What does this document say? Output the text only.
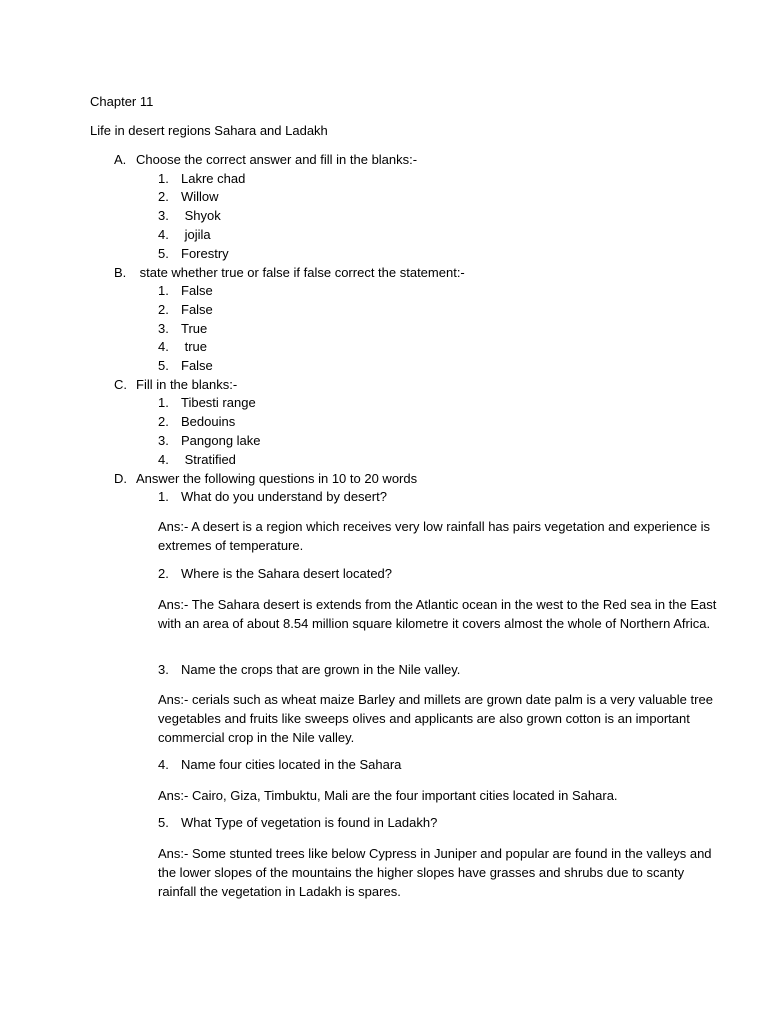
Chapter 11
Life in desert regions Sahara and Ladakh
A. Choose the correct answer and fill in the blanks:-
1. Lakre chad
2. Willow
3. Shyok
4. jojila
5. Forestry
B. state whether true or false if false correct the statement:-
1. False
2. False
3. True
4. true
5. False
C. Fill in the blanks:-
1. Tibesti range
2. Bedouins
3. Pangong lake
4. Stratified
D. Answer the following questions in 10 to 20 words
1. What do you understand by desert?
Ans:- A desert is a region which receives very low rainfall has pairs vegetation and experience is extremes of temperature.
2. Where is the Sahara desert located?
Ans:- The Sahara desert is extends from the Atlantic ocean in the west to the Red sea in the East with an area of about 8.54 million square kilometre it covers almost the whole of Northern Africa.
3. Name the crops that are grown in the Nile valley.
Ans:- cerials such as wheat maize Barley and millets are grown date palm is a very valuable tree vegetables and fruits like sweeps olives and applicants are also grown cotton is an important commercial crop in the Nile valley.
4. Name four cities located in the Sahara
Ans:- Cairo, Giza, Timbuktu, Mali are the four important cities located in Sahara.
5. What Type of vegetation is found in Ladakh?
Ans:- Some stunted trees like below Cypress in Juniper and popular are found in the valleys and the lower slopes of the mountains the higher slopes have grasses and shrubs due to scanty rainfall the vegetation in Ladakh is spares.
